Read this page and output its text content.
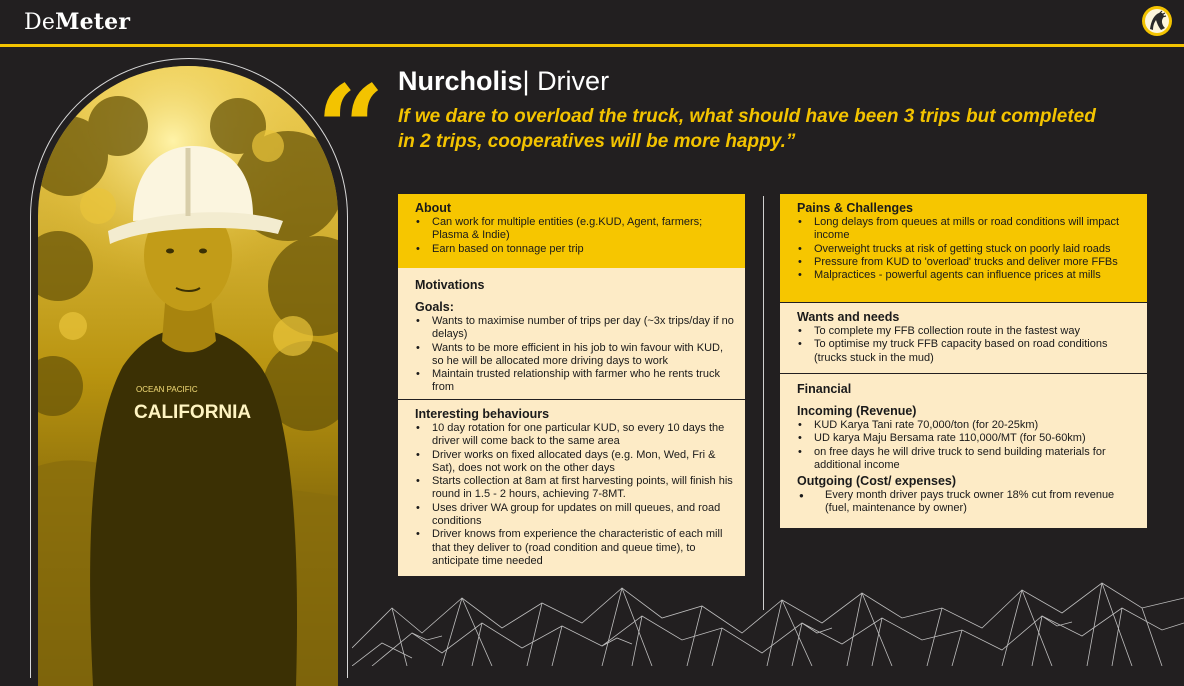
DeMeter
OCEAN PACIFIC
CALIFORNIA
Nurcholis| Driver
“ If we dare to overload the truck, what should have been 3 trips but completed in 2 trips, cooperatives will be more happy.”
About
• Can work for multiple entities (e.g.KUD, Agent, farmers; Plasma & Indie)
• Earn based on tonnage per trip
Motivations
Goals:
• Wants to maximise number of trips per day (~3x trips/day if no delays)
• Wants to be more efficient in his job to win favour with KUD, so he will be allocated more driving days to work
• Maintain trusted relationship with farmer who he rents truck from
Interesting behaviours
• 10 day rotation for one particular KUD, so every 10 days the driver will come back to the same area
• Driver works on fixed allocated days (e.g. Mon, Wed, Fri & Sat), does not work on the other days
• Starts collection at 8am at first harvesting points, will finish his round in 1.5 - 2 hours, achieving 7-8MT.
• Uses driver WA group for updates on mill queues, and road conditions
• Driver knows from experience the characteristic of each mill that they deliver to (road condition and queue time), to anticipate time needed
Pains & Challenges
• Long delays from queues at mills or road conditions will impact income
• Overweight trucks at risk of getting stuck on poorly laid roads
• Pressure from KUD to 'overload' trucks and deliver more FFBs
• Malpractices - powerful agents can influence prices at mills
Wants and needs
• To complete my FFB collection route in the fastest way
• To optimise my truck FFB capacity based on road conditions (trucks stuck in the mud)
Financial
Incoming (Revenue)
• KUD Karya Tani rate 70,000/ton (for 20-25km)
• UD karya Maju Bersama rate 110,000/MT (for 50-60km)
• on free days he will drive truck to send building materials for additional income
Outgoing (Cost/ expenses)
● Every month driver pays truck owner 18% cut from revenue (fuel, maintenance by owner)
